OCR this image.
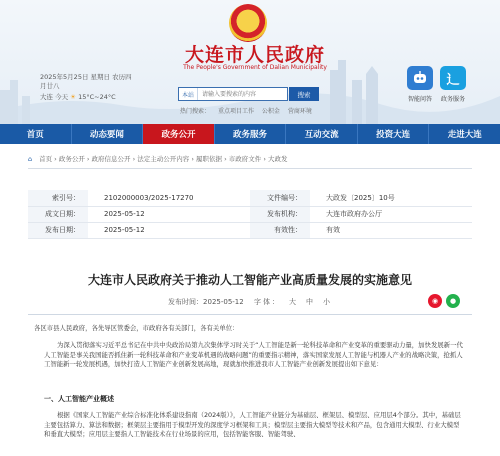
★
大连市人民政府
The People's Government of Dalian Municipality
2025年5月25日 星期日 农历四
月廿八
大连 今天 ☀ 15°C~24°C	本站
请输入要搜索的内容	搜索
热门搜索： 重点项目工作 公积金 营商环境
辶
智能问答	政务服务
首页	动态要闻	政务公开	政务服务	互动交流	投资大连	走进大连
⌂ 首页 › 政务公开 › 政府信息公开 › 法定主动公开内容 › 履职依据 › 市政府文件 › 大政发
索引号：	2102000003/2025-17270	文件编号：	大政发〔2025〕10号
成文日期：	2025-05-12	发布机构：	大连市政府办公厅
发布日期：	2025-05-12	有效性：	有效
大连市人民政府关于推动人工智能产业高质量发展的实施意见
发布时间：2025-05-12 字体： 大 中 小	◉	●
各区市县人民政府，各先导区管委会，市政府各有关部门，各有关单位：
为深入贯彻落实习近平总书记在中共中央政治局第九次集体学习时关于“人工智能是新一轮科技革命和产业变革的重要驱动力量，加快发展新一代人工智能是事关我国能否抓住新一轮科技革命和产业变革机遇的战略问题”的重要指示精神，落实国家发展人工智能与机器人产业的战略决策，抢抓人工智能新一轮发展机遇，加快打造人工智能产业创新发展高地，现就加快推进我市人工智能产业创新发展提出如下意见：
一、人工智能产业概述
根据《国家人工智能产业综合标准化体系建设指南（2024版）》，人工智能产业链分为基础层、框架层、模型层、应用层4个部分。其中，基础层主要包括算力、算法和数据；框架层主要指用于模型开发的深度学习框架和工具；模型层主要指大模型等技术和产品，包含通用大模型、行业大模型和垂直大模型；应用层主要指人工智能技术在行业场景的应用，包括智能客服、智能驾驶、
